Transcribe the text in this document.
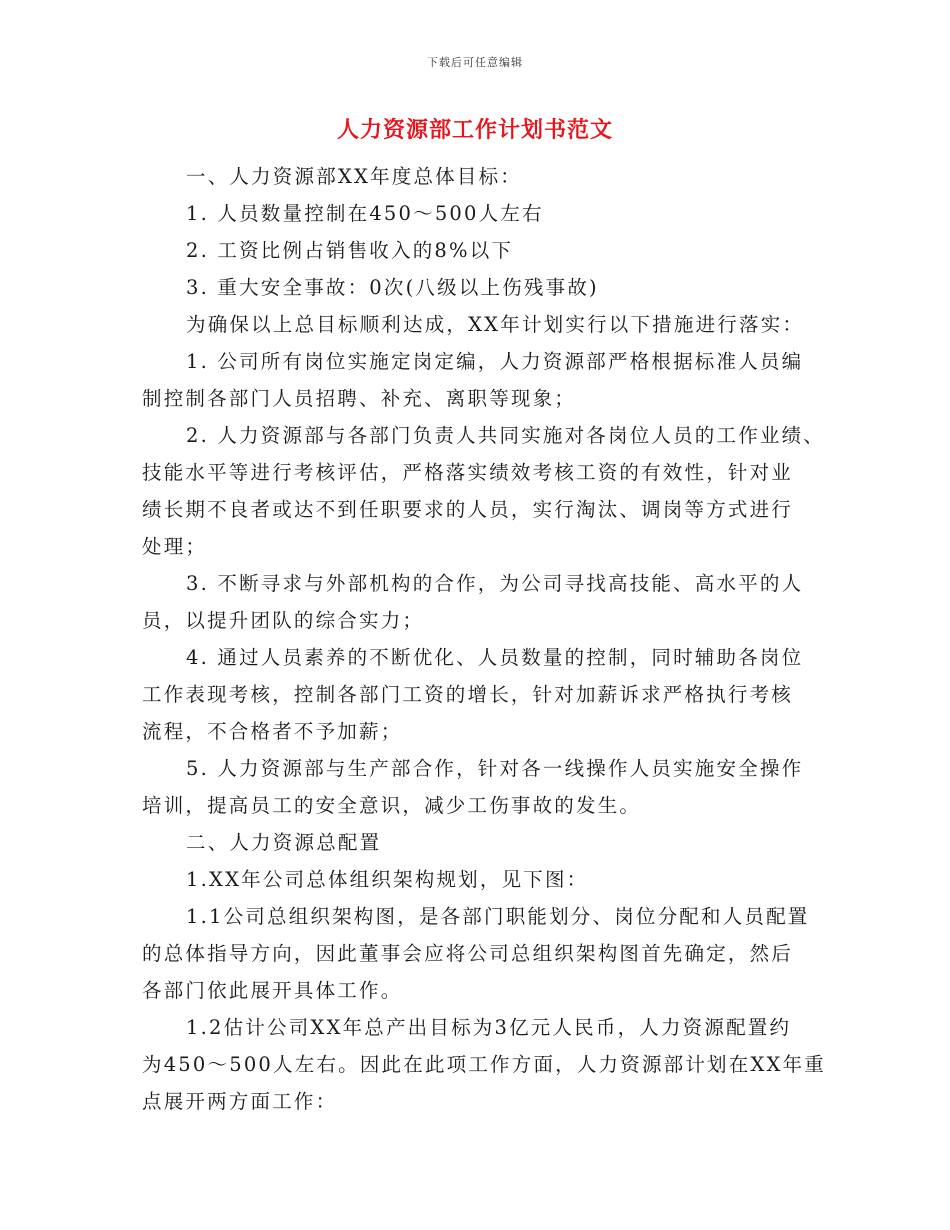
下载后可任意编辑
人力资源部工作计划书范文
一、人力资源部XX年度总体目标：
1. 人员数量控制在450～500人左右
2. 工资比例占销售收入的8%以下
3. 重大安全事故：0次(八级以上伤残事故)
为确保以上总目标顺利达成，XX年计划实行以下措施进行落实：
1. 公司所有岗位实施定岗定编，人力资源部严格根据标准人员编
制控制各部门人员招聘、补充、离职等现象；
2. 人力资源部与各部门负责人共同实施对各岗位人员的工作业绩、
技能水平等进行考核评估，严格落实绩效考核工资的有效性，针对业
绩长期不良者或达不到任职要求的人员，实行淘汰、调岗等方式进行
处理；
3. 不断寻求与外部机构的合作，为公司寻找高技能、高水平的人
员，以提升团队的综合实力；
4. 通过人员素养的不断优化、人员数量的控制，同时辅助各岗位
工作表现考核，控制各部门工资的增长，针对加薪诉求严格执行考核
流程，不合格者不予加薪；
5. 人力资源部与生产部合作，针对各一线操作人员实施安全操作
培训，提高员工的安全意识，减少工伤事故的发生。
二、人力资源总配置
1.XX年公司总体组织架构规划，见下图：
1.1公司总组织架构图，是各部门职能划分、岗位分配和人员配置
的总体指导方向，因此董事会应将公司总组织架构图首先确定，然后
各部门依此展开具体工作。
1.2估计公司XX年总产出目标为3亿元人民币，人力资源配置约
为450～500人左右。因此在此项工作方面，人力资源部计划在XX年重
点展开两方面工作：
